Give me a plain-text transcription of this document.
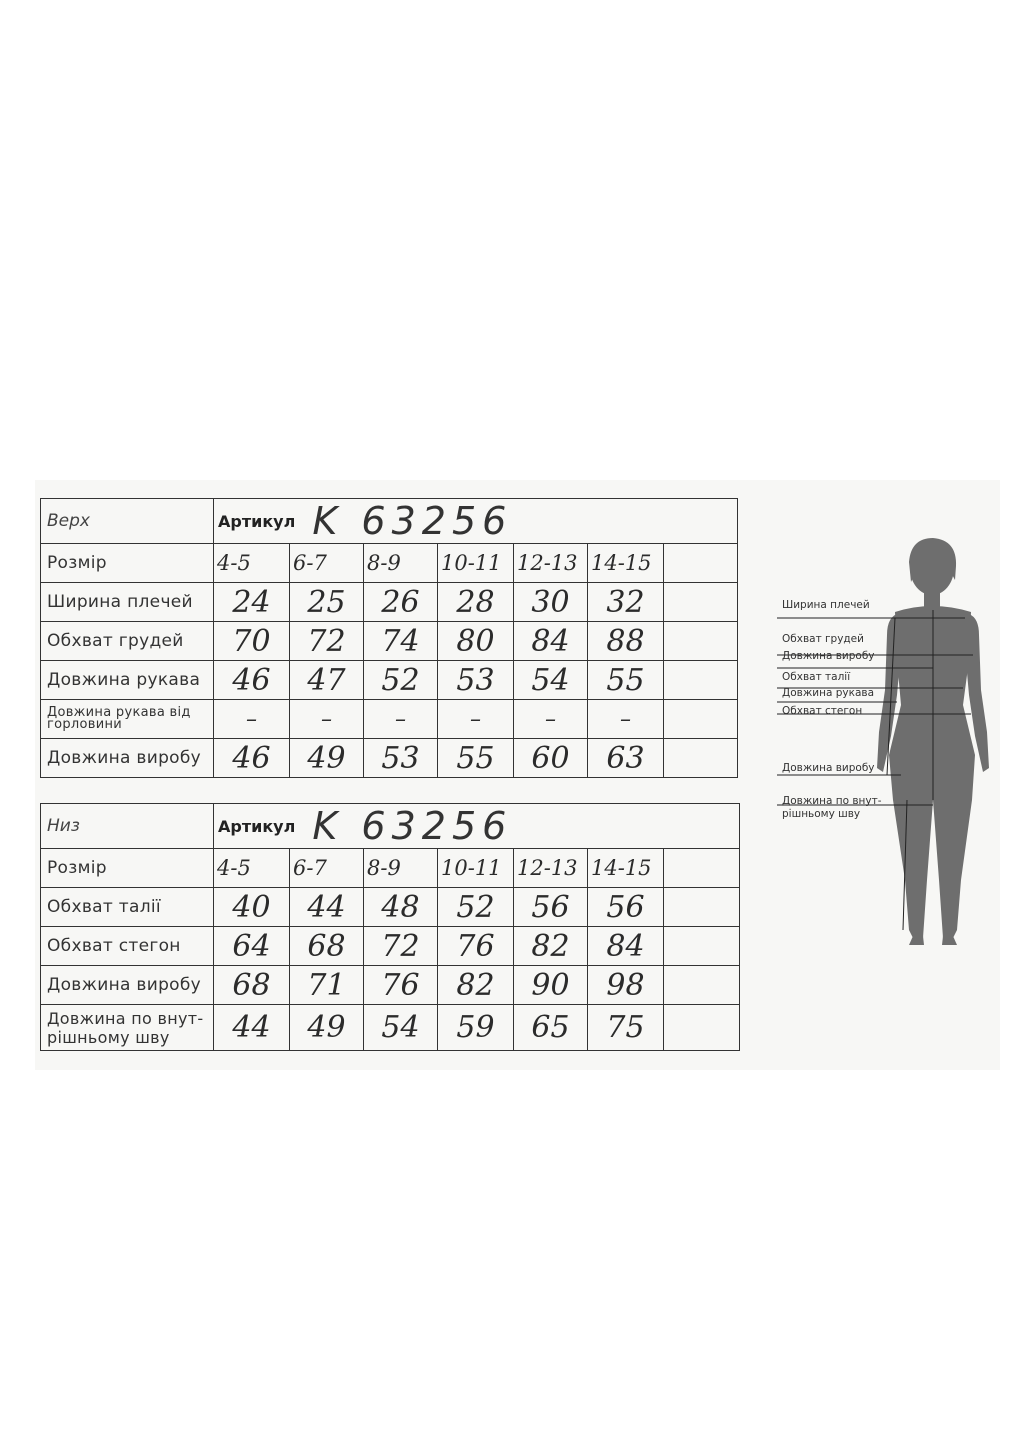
Верх	Артикул K 63256						
Розмір	4-5	6-7	8-9	10-11	12-13	14-15	
Ширина плечей	24	25	26	28	30	32	
Обхват грудей	70	72	74	80	84	88	
Довжина рукава	46	47	52	53	54	55	
Довжина рукава від горловини	–	–	–	–	–	–	
Довжина виробу	46	49	53	55	60	63	
Низ	Артикул K 63256						
Розмір	4-5	6-7	8-9	10-11	12-13	14-15	
Обхват талії	40	44	48	52	56	56	
Обхват стегон	64	68	72	76	82	84	
Довжина виробу	68	71	76	82	90	98	
Довжина по внут-рішньому шву	44	49	54	59	65	75	
Ширина плечей
Обхват грудей
Довжина виробу
Обхват талії
Довжина рукава
Обхват стегон
Довжина виробу
Довжина по внут-
рішньому шву
